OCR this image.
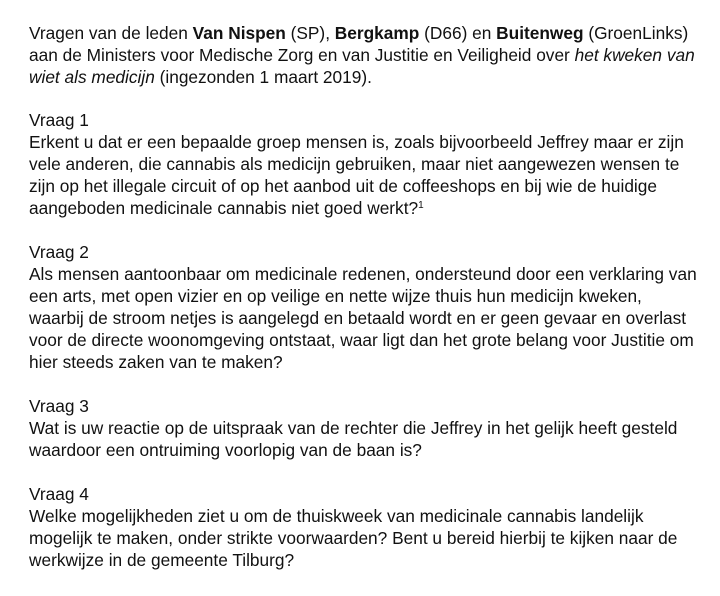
Vragen van de leden Van Nispen (SP), Bergkamp (D66) en Buitenweg (GroenLinks) aan de Ministers voor Medische Zorg en van Justitie en Veiligheid over het kweken van wiet als medicijn (ingezonden 1 maart 2019).

Vraag 1
Erkent u dat er een bepaalde groep mensen is, zoals bijvoorbeeld Jeffrey maar er zijn vele anderen, die cannabis als medicijn gebruiken, maar niet aangewezen wensen te zijn op het illegale circuit of op het aanbod uit de coffeeshops en bij wie de huidige aangeboden medicinale cannabis niet goed werkt?$^1$
Vraag 2
Als mensen aantoonbaar om medicinale redenen, ondersteund door een verklaring van een arts, met open vizier en op veilige en nette wijze thuis hun medicijn kweken, waarbij de stroom netjes is aangelegd en betaald wordt en er geen gevaar en overlast voor de directe woonomgeving ontstaat, waar ligt dan het grote belang voor Justitie om hier steeds zaken van te maken?
Vraag 3
Wat is uw reactie op de uitspraak van de rechter die Jeffrey in het gelijk heeft gesteld waardoor een ontruiming voorlopig van de baan is?
Vraag 4
Welke mogelijkheden ziet u om de thuiskweek van medicinale cannabis landelijk mogelijk te maken, onder strikte voorwaarden? Bent u bereid hierbij te kijken naar de werkwijze in de gemeente Tilburg?
